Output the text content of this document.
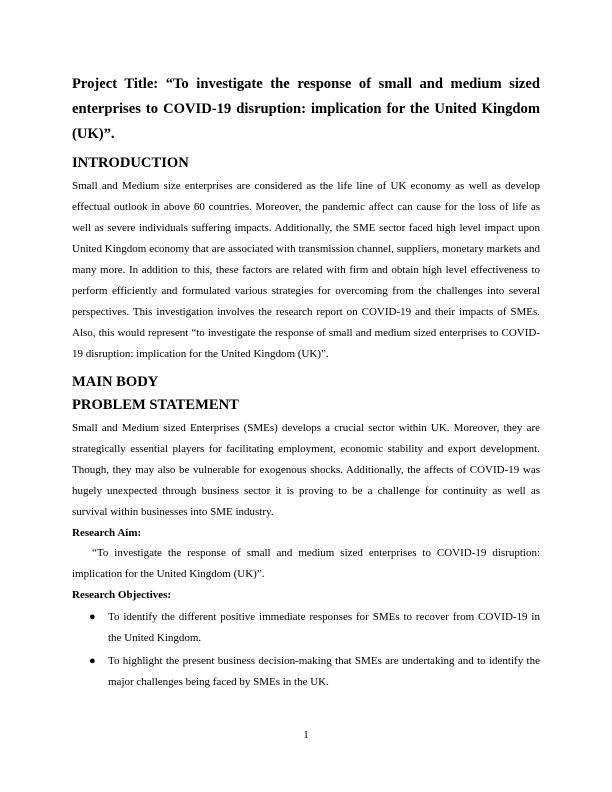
Project Title: “To investigate the response of small and medium sized enterprises to COVID-19 disruption: implication for the United Kingdom (UK)”.

INTRODUCTION

Small and Medium size enterprises are considered as the life line of UK economy as well as develop effectual outlook in above 60 countries. Moreover, the pandemic affect can cause for the loss of life as well as severe individuals suffering impacts. Additionally, the SME sector faced high level impact upon United Kingdom economy that are associated with transmission channel, suppliers, monetary markets and many more. In addition to this, these factors are related with firm and obtain high level effectiveness to perform efficiently and formulated various strategies for overcoming from the challenges into several perspectives. This investigation involves the research report on COVID-19 and their impacts of SMEs. Also, this would represent “to investigate the response of small and medium sized enterprises to COVID-19 disruption: implication for the United Kingdom (UK)”.

MAIN BODY
PROBLEM STATEMENT

Small and Medium sized Enterprises (SMEs) develops a crucial sector within UK. Moreover, they are strategically essential players for facilitating employment, economic stability and export development. Though, they may also be vulnerable for exogenous shocks. Additionally, the affects of COVID-19 was hugely unexpected through business sector it is proving to be a challenge for continuity as well as survival within businesses into SME industry.

Research Aim:

“To investigate the response of small and medium sized enterprises to COVID-19 disruption: implication for the United Kingdom (UK)”.

Research Objectives:
● To identify the different positive immediate responses for SMEs to recover from COVID-19 in the United Kingdom.
● To highlight the present business decision-making that SMEs are undertaking and to identify the major challenges being faced by SMEs in the UK.
1
